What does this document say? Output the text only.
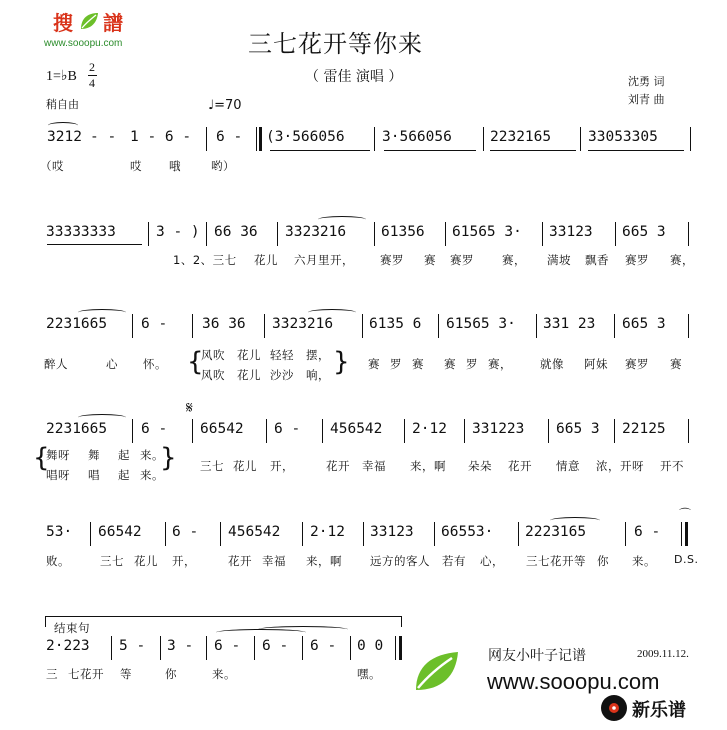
搜 譜
www.sooopu.com	三七花开等你来
（ 雷佳 演唱 ）	沈勇 词
刘青 曲
1=♭B
2
4
稍自由	♩=70
3212 - - 1 - 6 - 6 - (3·566056	3·566056	2232165	33053305
（哎	哎 哦	哟）
33333333	3 - ) 66 36 3323216 61356 61565 3· 33123 665 3
1、2、三七 花儿 六月里开， 赛罗 赛 赛罗 赛， 满坡 飘香 赛罗 赛，
2231665 6 - 36 36 3323216 6135 6 61565 3· 331 23 665 3
醉人	心 怀。 {
风吹 花儿 轻轻 摆，
风吹 花儿 沙沙 响， } 赛 罗 赛 赛 罗 赛， 就像 阿妹 赛罗 赛
𝄋
2231665 6 - 66542 6 - 456542 2·12 331223 665 3 22125
{
舞呀 舞 起 来。
唱呀 唱 起 来。
} 三七 花儿 开，	花开 幸福 来，啊 朵朵 花开 情意 浓，开呀 开不
53· 66542 6 - 456542 2·12 33123 66553· 2223165	6 -
⌒
败。	三七 花儿 开，	花开 幸福 来，啊 远方的客人 若有 心， 三七花开等 你 来。 D.S.
结束句
2·223 5 - 3 - 6 - 6 - 6 - 0 0
三 七花开 等	你	来。	嘿。
网友小叶子记谱	2009.11.12.
www.sooopu.com
新乐谱
